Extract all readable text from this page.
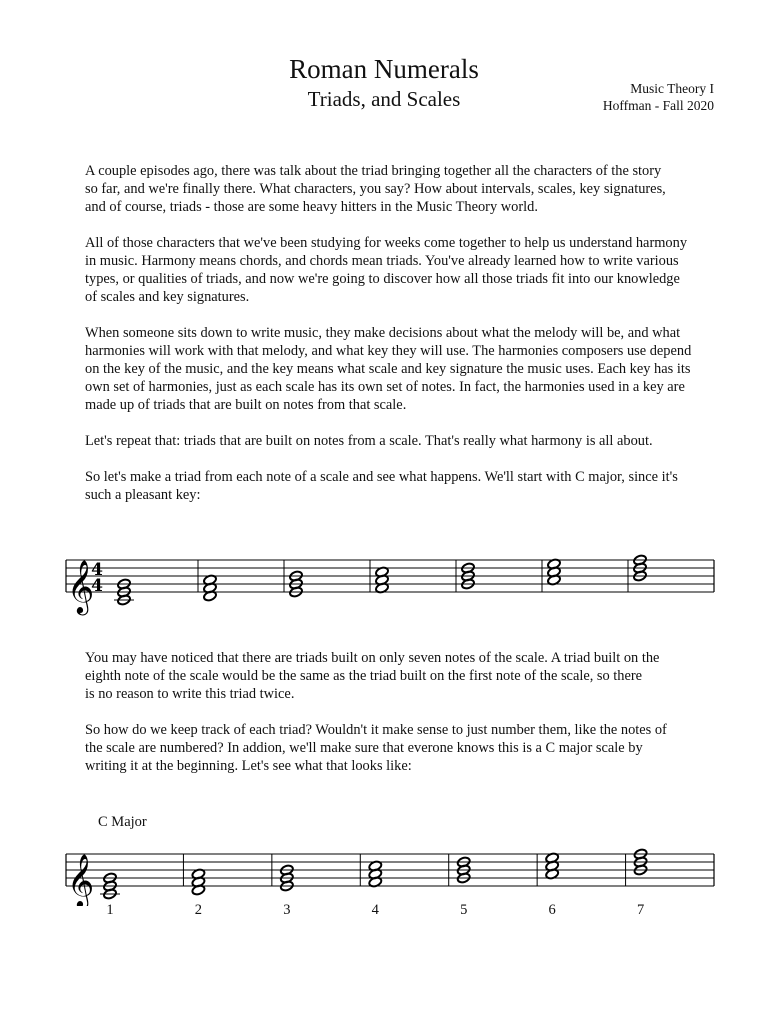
Roman Numerals
Triads, and Scales	Music Theory I
Hoffman - Fall 2020
A couple episodes ago, there was talk about the triad bringing together all the characters of the story
so far, and we're finally there. What characters, you say? How about intervals, scales, key signatures,
and of course, triads - those are some heavy hitters in the Music Theory world.
All of those characters that we've been studying for weeks come together to help us understand harmony
in music. Harmony means chords, and chords mean triads. You've already learned how to write various
types, or qualities of triads, and now we're going to discover how all those triads fit into our knowledge
of scales and key signatures.
When someone sits down to write music, they make decisions about what the melody will be, and what
harmonies will work with that melody, and what key they will use. The harmonies composers use depend
on the key of the music, and the key means what scale and key signature the music uses. Each key has its
own set of harmonies, just as each scale has its own set of notes. In fact, the harmonies used in a key are
made up of triads that are built on notes from that scale.
Let's repeat that: triads that are built on notes from a scale. That's really what harmony is all about.
So let's make a triad from each note of a scale and see what happens. We'll start with C major, since it's
such a pleasant key:
𝄞
4
4
You may have noticed that there are triads built on only seven notes of the scale. A triad built on the
eighth note of the scale would be the same as the triad built on the first note of the scale, so there
is no reason to write this triad twice.
So how do we keep track of each triad? Wouldn't it make sense to just number them, like the notes of
the scale are numbered? In addion, we'll make sure that everone knows this is a C major scale by
writing it at the beginning. Let's see what that looks like:
C Major
𝄞
1	2	3	4	5	6	7
